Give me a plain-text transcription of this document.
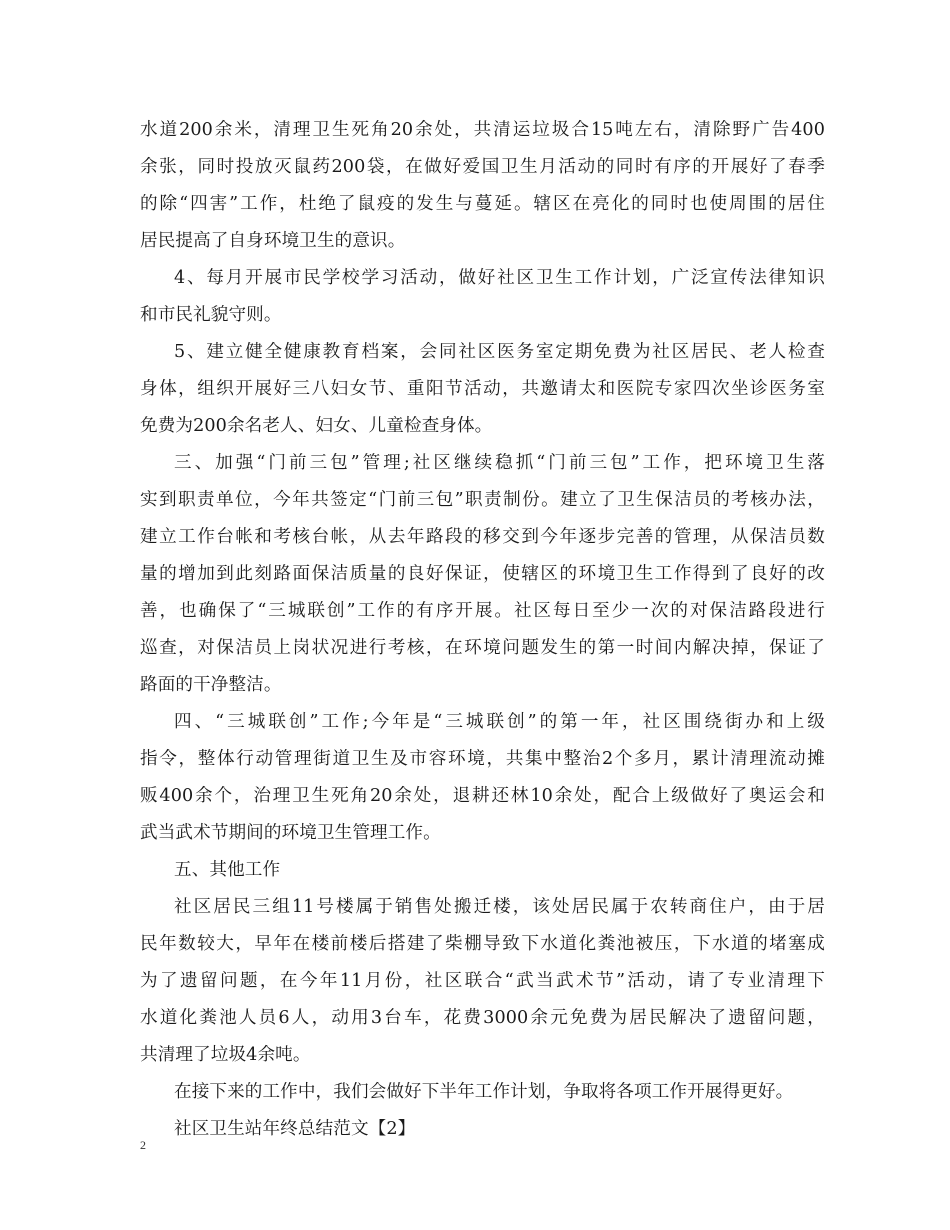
水道200余米，清理卫生死角20余处，共清运垃圾合15吨左右，清除野广告400
余张，同时投放灭鼠药200袋，在做好爱国卫生月活动的同时有序的开展好了春季
的除“四害”工作，杜绝了鼠疫的发生与蔓延。辖区在亮化的同时也使周围的居住
居民提高了自身环境卫生的意识。
4、每月开展市民学校学习活动，做好社区卫生工作计划，广泛宣传法律知识
和市民礼貌守则。
5、建立健全健康教育档案，会同社区医务室定期免费为社区居民、老人检查
身体，组织开展好三八妇女节、重阳节活动，共邀请太和医院专家四次坐诊医务室
免费为200余名老人、妇女、儿童检查身体。
三、加强“门前三包”管理;社区继续稳抓“门前三包”工作，把环境卫生落
实到职责单位，今年共签定“门前三包”职责制份。建立了卫生保洁员的考核办法，
建立工作台帐和考核台帐，从去年路段的移交到今年逐步完善的管理，从保洁员数
量的增加到此刻路面保洁质量的良好保证，使辖区的环境卫生工作得到了良好的改
善，也确保了“三城联创”工作的有序开展。社区每日至少一次的对保洁路段进行
巡查，对保洁员上岗状况进行考核，在环境问题发生的第一时间内解决掉，保证了
路面的干净整洁。
四、“三城联创”工作;今年是“三城联创”的第一年，社区围绕街办和上级
指令，整体行动管理街道卫生及市容环境，共集中整治2个多月，累计清理流动摊
贩400余个，治理卫生死角20余处，退耕还林10余处，配合上级做好了奥运会和
武当武术节期间的环境卫生管理工作。
五、其他工作
社区居民三组11号楼属于销售处搬迁楼，该处居民属于农转商住户，由于居
民年数较大，早年在楼前楼后搭建了柴棚导致下水道化粪池被压，下水道的堵塞成
为了遗留问题，在今年11月份，社区联合“武当武术节”活动，请了专业清理下
水道化粪池人员6人，动用3台车，花费3000余元免费为居民解决了遗留问题，
共清理了垃圾4余吨。
在接下来的工作中，我们会做好下半年工作计划，争取将各项工作开展得更好。
社区卫生站年终总结范文【2】
2
